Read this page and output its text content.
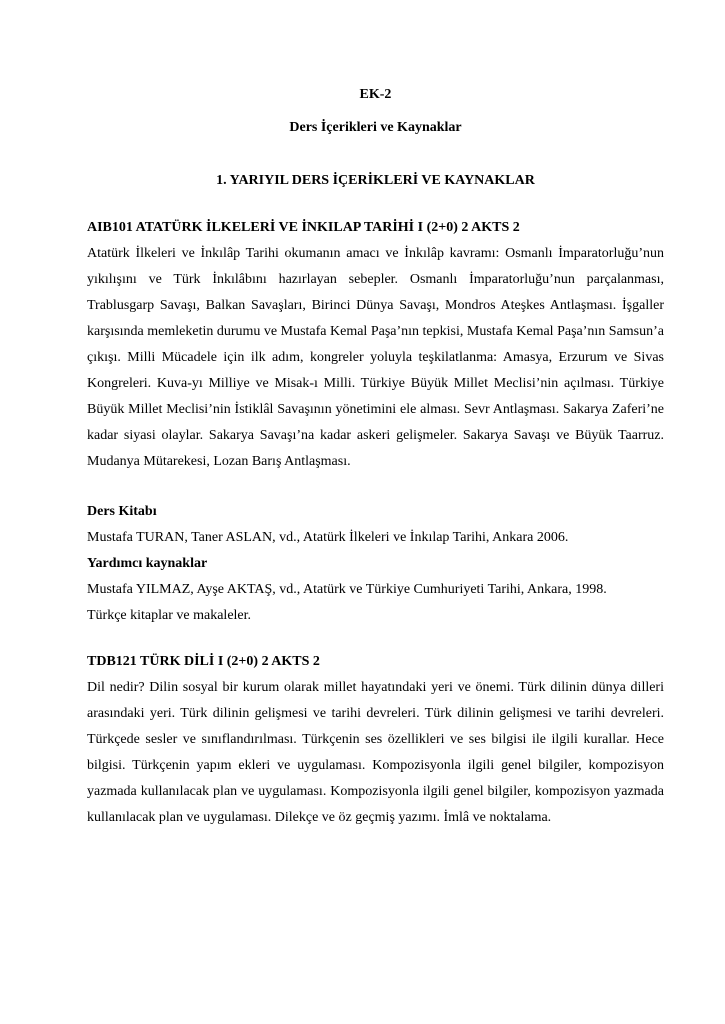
EK-2
Ders İçerikleri ve Kaynaklar
1. YARIYIL DERS İÇERİKLERİ VE KAYNAKLAR
AIB101 ATATÜRK İLKELERİ VE İNKILAP TARİHİ I (2+0) 2 AKTS 2

Atatürk İlkeleri ve İnkılâp Tarihi okumanın amacı ve İnkılâp kavramı: Osmanlı İmparatorluğu’nun yıkılışını ve Türk İnkılâbını hazırlayan sebepler. Osmanlı İmparatorluğu’nun parçalanması, Trablusgarp Savaşı, Balkan Savaşları, Birinci Dünya Savaşı, Mondros Ateşkes Antlaşması. İşgaller karşısında memleketin durumu ve Mustafa Kemal Paşa’nın tepkisi, Mustafa Kemal Paşa’nın Samsun’a çıkışı. Milli Mücadele için ilk adım, kongreler yoluyla teşkilatlanma: Amasya, Erzurum ve Sivas Kongreleri. Kuva-yı Milliye ve Misak-ı Milli. Türkiye Büyük Millet Meclisi’nin açılması. Türkiye Büyük Millet Meclisi’nin İstiklâl Savaşının yönetimini ele alması. Sevr Antlaşması. Sakarya Zaferi’ne kadar siyasi olaylar. Sakarya Savaşı’na kadar askeri gelişmeler. Sakarya Savaşı ve Büyük Taarruz. Mudanya Mütarekesi, Lozan Barış Antlaşması.

Ders Kitabı

Mustafa TURAN, Taner ASLAN, vd., Atatürk İlkeleri ve İnkılap Tarihi, Ankara 2006.

Yardımcı kaynaklar

Mustafa YILMAZ, Ayşe AKTAŞ, vd., Atatürk ve Türkiye Cumhuriyeti Tarihi, Ankara, 1998.

Türkçe kitaplar ve makaleler.

TDB121 TÜRK DİLİ I (2+0) 2 AKTS 2

Dil nedir? Dilin sosyal bir kurum olarak millet hayatındaki yeri ve önemi. Türk dilinin dünya dilleri arasındaki yeri. Türk dilinin gelişmesi ve tarihi devreleri. Türk dilinin gelişmesi ve tarihi devreleri. Türkçede sesler ve sınıflandırılması. Türkçenin ses özellikleri ve ses bilgisi ile ilgili kurallar. Hece bilgisi. Türkçenin yapım ekleri ve uygulaması. Kompozisyonla ilgili genel bilgiler, kompozisyon yazmada kullanılacak plan ve uygulaması. Kompozisyonla ilgili genel bilgiler, kompozisyon yazmada kullanılacak plan ve uygulaması. Dilekçe ve öz geçmiş yazımı. İmlâ ve noktalama.
